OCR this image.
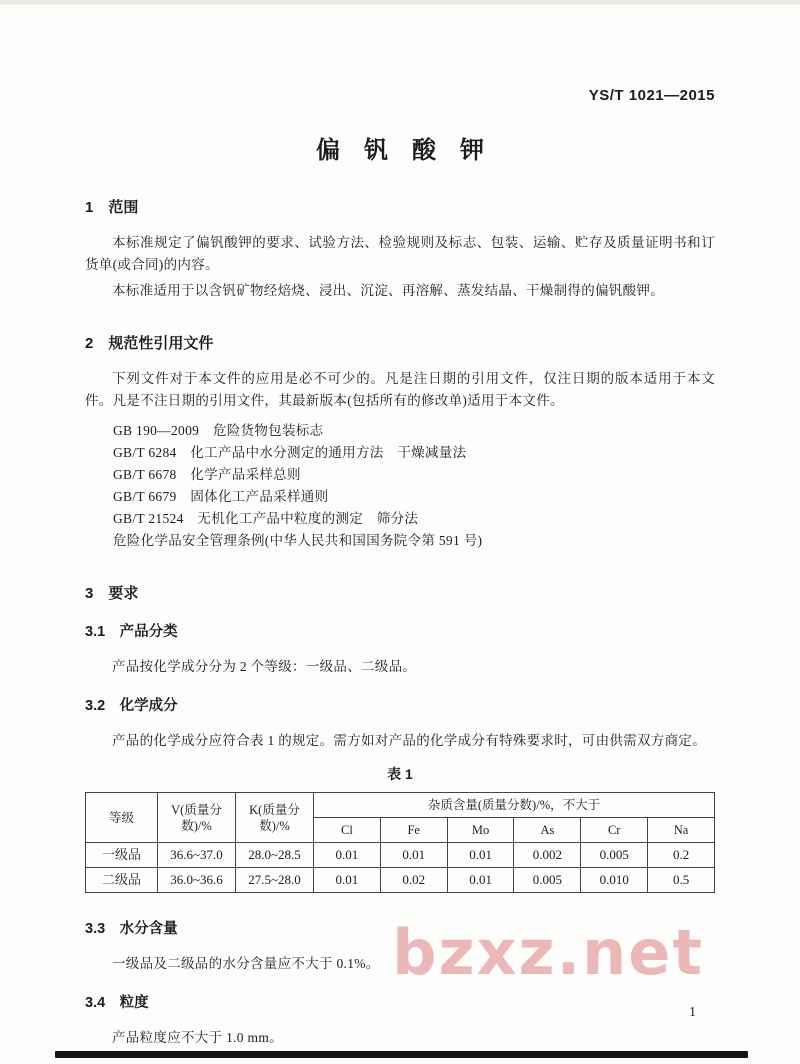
YS/T 1021—2015
偏钒酸钾
1　范围

本标准规定了偏钒酸钾的要求、试验方法、检验规则及标志、包装、运输、贮存及质量证明书和订货单(或合同)的内容。

本标准适用于以含钒矿物经焙烧、浸出、沉淀、再溶解、蒸发结晶、干燥制得的偏钒酸钾。

2　规范性引用文件

下列文件对于本文件的应用是必不可少的。凡是注日期的引用文件，仅注日期的版本适用于本文件。凡是不注日期的引用文件，其最新版本(包括所有的修改单)适用于本文件。

GB 190—2009　危险货物包装标志
GB/T 6284　化工产品中水分测定的通用方法　干燥减量法
GB/T 6678　化学产品采样总则
GB/T 6679　固体化工产品采样通则
GB/T 21524　无机化工产品中粒度的测定　筛分法
危险化学品安全管理条例(中华人民共和国国务院令第 591 号)
3　要求
3.1　产品分类

产品按化学成分分为 2 个等级：一级品、二级品。

3.2　化学成分

产品的化学成分应符合表 1 的规定。需方如对产品的化学成分有特殊要求时，可由供需双方商定。

表 1
等级	V(质量分数)/%	K(质量分数)/%	杂质含量(质量分数)/%，不大于					
			Cl	Fe	Mo	As	Cr	Na
一级品	36.6~37.0	28.0~28.5	0.01	0.01	0.01	0.002	0.005	0.2
二级品	36.0~36.6	27.5~28.0	0.01	0.02	0.01	0.005	0.010	0.5
3.3　水分含量

一级品及二级品的水分含量应不大于 0.1%。

3.4　粒度

产品粒度应不大于 1.0 mm。

bzxz.net
1
